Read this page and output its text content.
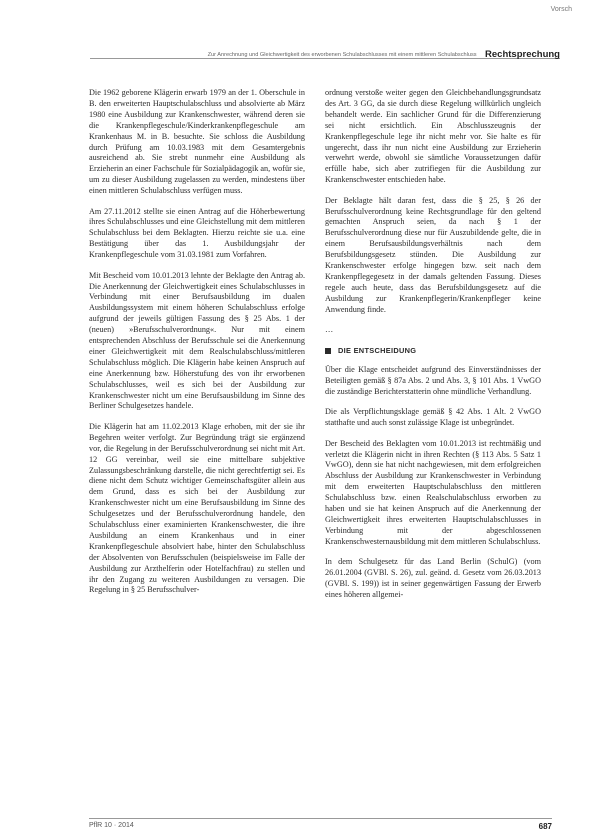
Vorsch
Zur Anrechnung und Gleichwertigkeit des erworbenen Schulabschlusses mit einem mittleren Schulabschluss Rechtsprechung

Die 1962 geborene Klägerin erwarb 1979 an der 1. Oberschule in B. den erweiterten Hauptschulabschluss und absolvierte ab März 1980 eine Ausbildung zur Krankenschwester, während deren sie die Krankenpflegeschule/Kinderkrankenpflegeschule am Krankenhaus M. in B. besuchte. Sie schloss die Ausbildung durch Prüfung am 10.03.1983 mit dem Gesamtergebnis ausreichend ab. Sie strebt nunmehr eine Ausbildung als Erzieherin an einer Fachschule für Sozialpädagogik an, wofür sie, um zu dieser Ausbildung zugelassen zu werden, mindestens über einen mittleren Schulabschluss verfügen muss.

Am 27.11.2012 stellte sie einen Antrag auf die Höherbewertung ihres Schulabschlusses und eine Gleichstellung mit dem mittleren Schulabschluss bei dem Beklagten. Hierzu reichte sie u.a. eine Bestätigung über das 1. Ausbildungsjahr der Krankenpflegeschule vom 31.03.1981 zum Vorfahren.

Mit Bescheid vom 10.01.2013 lehnte der Beklagte den Antrag ab. Die Anerkennung der Gleichwertigkeit eines Schulabschlusses in Verbindung mit einer Berufsausbildung im dualen Ausbildungssystem mit einem höheren Schulabschluss erfolge aufgrund der jeweils gültigen Fassung des § 25 Abs. 1 der (neuen) »Berufsschulverordnung«. Nur mit einem entsprechenden Abschluss der Berufsschule sei die Anerkennung einer Gleichwertigkeit mit dem Realschulabschluss/mittleren Schulabschluss möglich. Die Klägerin habe keinen Anspruch auf eine Anerkennung bzw. Höherstufung des von ihr erworbenen Schulabschlusses, weil es sich bei der Ausbildung zur Krankenschwester nicht um eine Berufsausbildung im Sinne des Berliner Schulgesetzes handele.

Die Klägerin hat am 11.02.2013 Klage erhoben, mit der sie ihr Begehren weiter verfolgt. Zur Begründung trägt sie ergänzend vor, die Regelung in der Berufsschulverordnung sei nicht mit Art. 12 GG vereinbar, weil sie eine mittelbare subjektive Zulassungsbeschränkung darstelle, die nicht gerechtfertigt sei. Es diene nicht dem Schutz wichtiger Gemeinschaftsgüter allein aus dem Grund, dass es sich bei der Ausbildung zur Krankenschwester nicht um eine Berufsausbildung im Sinne des Schulgesetzes und der Berufsschulverordnung handele, den Schulabschluss einer examinierten Krankenschwester, die ihre Ausbildung an einem Krankenhaus und in einer Krankenpflegeschule absolviert habe, hinter den Schulabschluss der Absolventen von Berufsschulen (beispielsweise im Falle der Ausbildung zur Arzthelferin oder Hotelfachfrau) zu stellen und ihr den Zugang zu weiteren Ausbildungen zu versagen. Die Regelung in § 25 Berufsschulver-

ordnung verstoße weiter gegen den Gleichbehandlungsgrundsatz des Art. 3 GG, da sie durch diese Regelung willkürlich ungleich behandelt werde. Ein sachlicher Grund für die Differenzierung sei nicht ersichtlich. Ein Abschlusszeugnis der Krankenpflegeschule lege ihr nicht mehr vor. Sie halte es für ungerecht, dass ihr nun nicht eine Ausbildung zur Erzieherin verwehrt werde, obwohl sie sämtliche Voraussetzungen dafür erfülle habe, sich aber zutrifiegen für die Ausbildung zur Krankenschwester entschieden habe.

Der Beklagte hält daran fest, dass die § 25, § 26 der Berufsschulverordnung keine Rechtsgrundlage für den geltend gemachten Anspruch seien, da nach § 1 der Berufsschulverordnung diese nur für Auszubildende gelte, die in einem Berufsausbildungsverhältnis nach dem Berufsbildungsgesetz stünden. Die Ausbildung zur Krankenschwester erfolge hingegen bzw. seit nach dem Krankenpflegegesetz in der damals geltenden Fassung. Dieses regele auch heute, dass das Berufsbildungsgesetz auf die Ausbildung zur Krankenpflegerin/Krankenpfleger keine Anwendung finde.

…
DIE ENTSCHEIDUNG

Über die Klage entscheidet aufgrund des Einverständnisses der Beteiligten gemäß § 87a Abs. 2 und Abs. 3, § 101 Abs. 1 VwGO die zuständige Berichterstatterin ohne mündliche Verhandlung.

Die als Verpflichtungsklage gemäß § 42 Abs. 1 Alt. 2 VwGO statthafte und auch sonst zulässige Klage ist unbegründet.

Der Bescheid des Beklagten vom 10.01.2013 ist rechtmäßig und verletzt die Klägerin nicht in ihren Rechten (§ 113 Abs. 5 Satz 1 VwGO), denn sie hat nicht nachgewiesen, mit dem erfolgreichen Abschluss der Ausbildung zur Krankenschwester in Verbindung mit dem erweiterten Hauptschulabschluss den mittleren Schulabschluss bzw. einen Realschulabschluss erworben zu haben und sie hat keinen Anspruch auf die Anerkennung der Gleichwertigkeit ihres erweiterten Hauptschulabschlusses in Verbindung mit der abgeschlossenen Krankenschwesternausbildung mit dem mittleren Schulabschluss.

In dem Schulgesetz für das Land Berlin (SchulG) (vom 26.01.2004 (GVBl. S. 26), zul. geänd. d. Gesetz vom 26.03.2013 (GVBl. S. 199)) ist in seiner gegenwärtigen Fassung der Erwerb eines höheren allgemei-

PflR 10 · 2014	687
